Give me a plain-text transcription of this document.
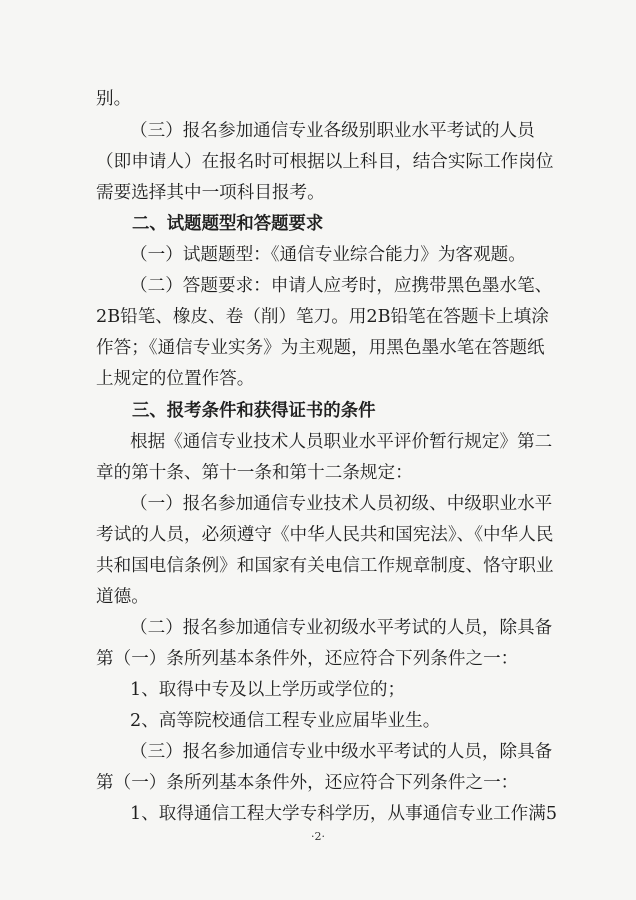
别。
（三）报名参加通信专业各级别职业水平考试的人员
（即申请人）在报名时可根据以上科目，结合实际工作岗位
需要选择其中一项科目报考。
二、试题题型和答题要求
（一）试题题型：《通信专业综合能力》为客观题。
（二）答题要求：申请人应考时，应携带黑色墨水笔、
2B铅笔、橡皮、卷（削）笔刀。用2B铅笔在答题卡上填涂
作答；《通信专业实务》为主观题，用黑色墨水笔在答题纸
上规定的位置作答。
三、报考条件和获得证书的条件
根据《通信专业技术人员职业水平评价暂行规定》第二
章的第十条、第十一条和第十二条规定：
（一）报名参加通信专业技术人员初级、中级职业水平
考试的人员，必须遵守《中华人民共和国宪法》、《中华人民
共和国电信条例》和国家有关电信工作规章制度、恪守职业
道德。
（二）报名参加通信专业初级水平考试的人员，除具备
第（一）条所列基本条件外，还应符合下列条件之一：
1、取得中专及以上学历或学位的；
2、高等院校通信工程专业应届毕业生。
（三）报名参加通信专业中级水平考试的人员，除具备
第（一）条所列基本条件外，还应符合下列条件之一：
1、取得通信工程大学专科学历，从事通信专业工作满5
·2·
